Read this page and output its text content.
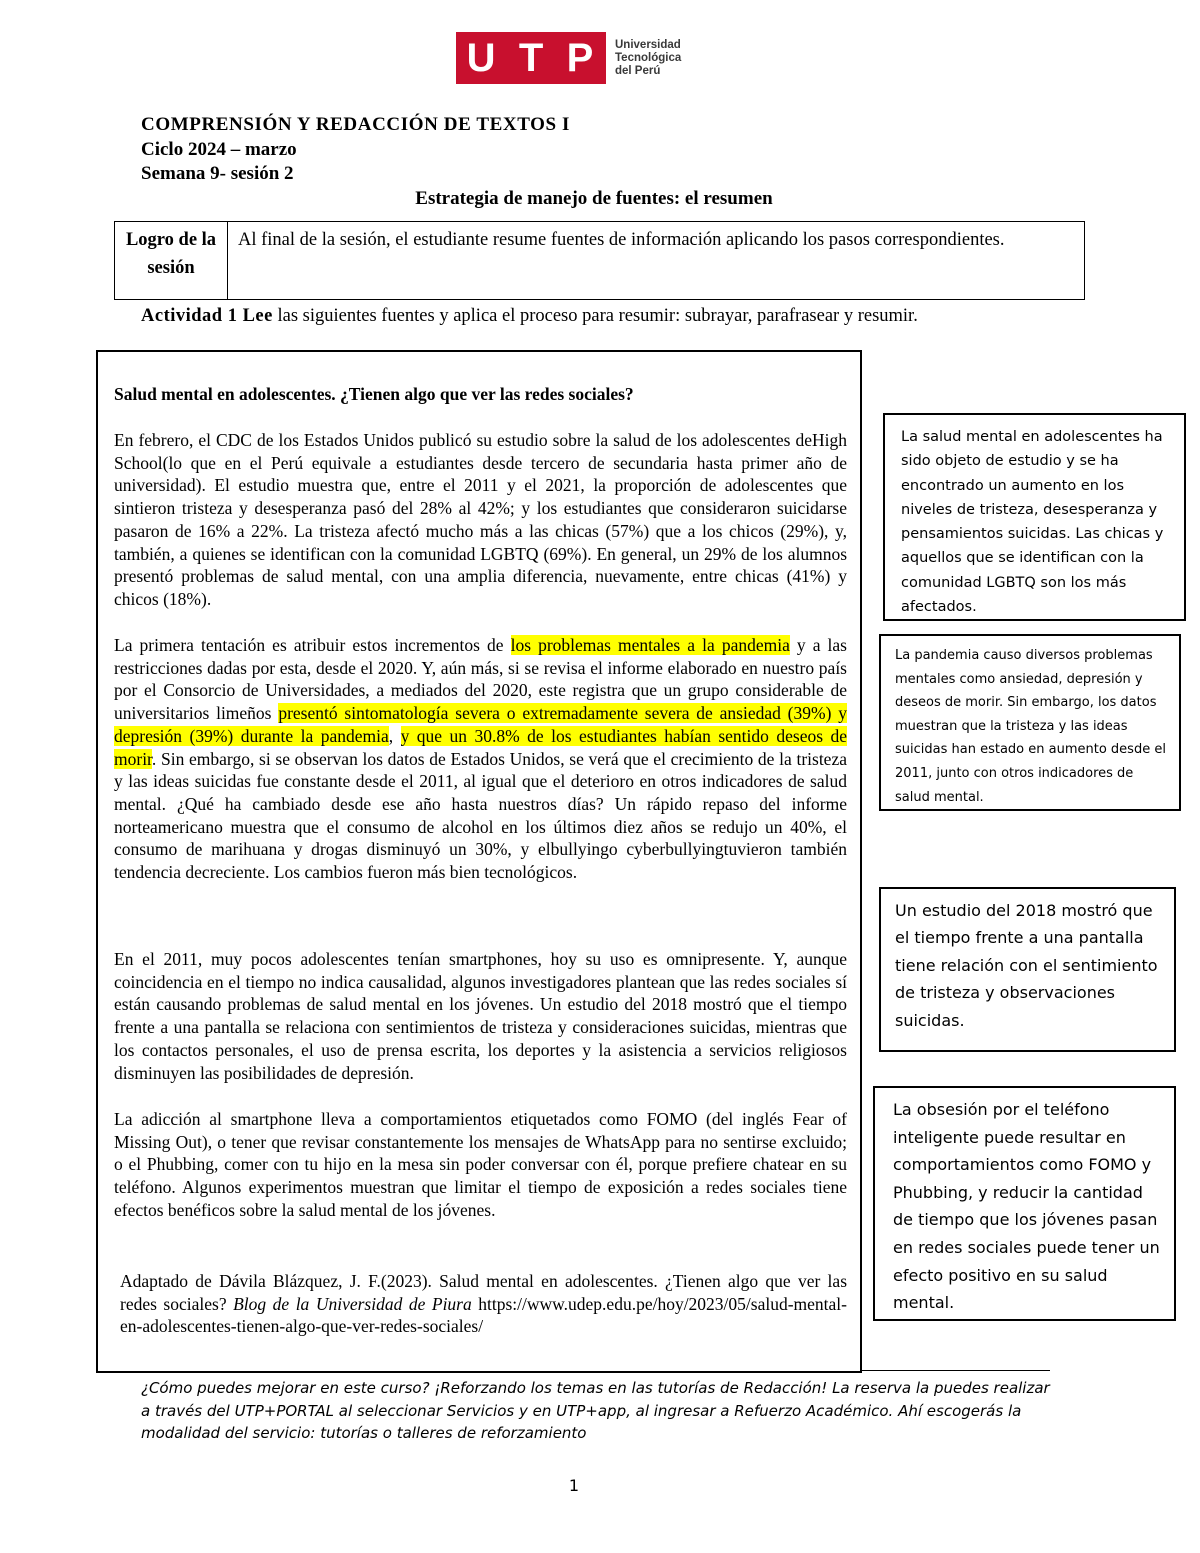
U T P Universidad
Tecnológica
del Perú
COMPRENSIÓN Y REDACCIÓN DE TEXTOS I
Ciclo 2024 – marzo
Semana 9- sesión 2
Estrategia de manejo de fuentes: el resumen
Logro de la sesión
Al final de la sesión, el estudiante resume fuentes de información aplicando los pasos correspondientes.
Actividad 1 Lee las siguientes fuentes y aplica el proceso para resumir: subrayar, parafrasear y resumir.
Salud mental en adolescentes. ¿Tienen algo que ver las redes sociales?
En febrero, el CDC de los Estados Unidos publicó su estudio sobre la salud de los adolescentes deHigh School(lo que en el Perú equivale a estudiantes desde tercero de secundaria hasta primer año de universidad). El estudio muestra que, entre el 2011 y el 2021, la proporción de adolescentes que sintieron tristeza y desesperanza pasó del 28% al 42%; y los estudiantes que consideraron suicidarse pasaron de 16% a 22%. La tristeza afectó mucho más a las chicas (57%) que a los chicos (29%), y, también, a quienes se identifican con la comunidad LGBTQ (69%). En general, un 29% de los alumnos presentó problemas de salud mental, con una amplia diferencia, nuevamente, entre chicas (41%) y chicos (18%).
La primera tentación es atribuir estos incrementos de los problemas mentales a la pandemia y a las restricciones dadas por esta, desde el 2020. Y, aún más, si se revisa el informe elaborado en nuestro país por el Consorcio de Universidades, a mediados del 2020, este registra que un grupo considerable de universitarios limeños presentó sintomatología severa o extremadamente severa de ansiedad (39%) y depresión (39%) durante la pandemia, y que un 30.8% de los estudiantes habían sentido deseos de morir. Sin embargo, si se observan los datos de Estados Unidos, se verá que el crecimiento de la tristeza y las ideas suicidas fue constante desde el 2011, al igual que el deterioro en otros indicadores de salud mental. ¿Qué ha cambiado desde ese año hasta nuestros días? Un rápido repaso del informe norteamericano muestra que el consumo de alcohol en los últimos diez años se redujo un 40%, el consumo de marihuana y drogas disminuyó un 30%, y elbullyingo cyberbullyingtuvieron también tendencia decreciente. Los cambios fueron más bien tecnológicos.
En el 2011, muy pocos adolescentes tenían smartphones, hoy su uso es omnipresente. Y, aunque coincidencia en el tiempo no indica causalidad, algunos investigadores plantean que las redes sociales sí están causando problemas de salud mental en los jóvenes. Un estudio del 2018 mostró que el tiempo frente a una pantalla se relaciona con sentimientos de tristeza y consideraciones suicidas, mientras que los contactos personales, el uso de prensa escrita, los deportes y la asistencia a servicios religiosos disminuyen las posibilidades de depresión.
La adicción al smartphone lleva a comportamientos etiquetados como FOMO (del inglés Fear of Missing Out), o tener que revisar constantemente los mensajes de WhatsApp para no sentirse excluido; o el Phubbing, comer con tu hijo en la mesa sin poder conversar con él, porque prefiere chatear en su teléfono. Algunos experimentos muestran que limitar el tiempo de exposición a redes sociales tiene efectos benéficos sobre la salud mental de los jóvenes.
Adaptado de Dávila Blázquez, J. F.(2023). Salud mental en adolescentes. ¿Tienen algo que ver las redes sociales? Blog de la Universidad de Piura https://www.udep.edu.pe/hoy/2023/05/salud-mental-en-adolescentes-tienen-algo-que-ver-redes-sociales/
La salud mental en adolescentes ha sido objeto de estudio y se ha encontrado un aumento en los niveles de tristeza, desesperanza y pensamientos suicidas. Las chicas y aquellos que se identifican con la comunidad LGBTQ son los más afectados.
La pandemia causo diversos problemas mentales como ansiedad, depresión y deseos de morir. Sin embargo, los datos muestran que la tristeza y las ideas suicidas han estado en aumento desde el 2011, junto con otros indicadores de salud mental.
Un estudio del 2018 mostró que el tiempo frente a una pantalla tiene relación con el sentimiento de tristeza y observaciones suicidas.
La obsesión por el teléfono inteligente puede resultar en comportamientos como FOMO y Phubbing, y reducir la cantidad de tiempo que los jóvenes pasan en redes sociales puede tener un efecto positivo en su salud mental.
¿Cómo puedes mejorar en este curso? ¡Reforzando los temas en las tutorías de Redacción! La reserva la puedes realizar a través del UTP+PORTAL al seleccionar Servicios y en UTP+app, al ingresar a Refuerzo Académico. Ahí escogerás la modalidad del servicio: tutorías o talleres de reforzamiento
1
